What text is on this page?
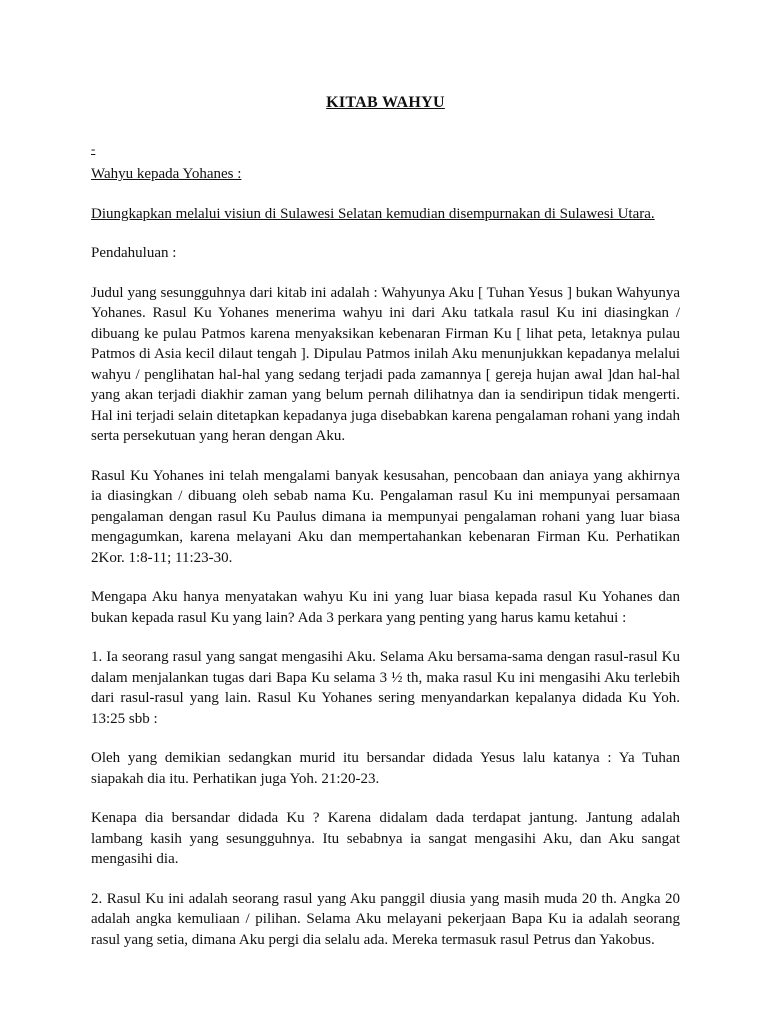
KITAB WAHYU
-

Wahyu kepada Yohanes :

Diungkapkan melalui visiun di Sulawesi Selatan kemudian disempurnakan di Sulawesi Utara.

Pendahuluan :

Judul yang sesungguhnya dari kitab ini adalah : Wahyunya Aku [ Tuhan Yesus ] bukan Wahyunya Yohanes. Rasul Ku Yohanes menerima wahyu ini dari Aku tatkala rasul Ku ini diasingkan / dibuang ke pulau Patmos karena menyaksikan kebenaran Firman Ku [ lihat peta, letaknya pulau Patmos di Asia kecil dilaut tengah ]. Dipulau Patmos inilah Aku menunjukkan kepadanya melalui wahyu / penglihatan hal-hal yang sedang terjadi pada zamannya [ gereja hujan awal ]dan hal-hal yang akan terjadi diakhir zaman yang belum pernah dilihatnya dan ia sendiripun tidak mengerti. Hal ini terjadi selain ditetapkan kepadanya juga disebabkan karena pengalaman rohani yang indah serta persekutuan yang heran dengan Aku.

Rasul Ku Yohanes ini telah mengalami banyak kesusahan, pencobaan dan aniaya yang akhirnya ia diasingkan / dibuang oleh sebab nama Ku. Pengalaman rasul Ku ini mempunyai persamaan pengalaman dengan rasul Ku Paulus dimana ia mempunyai pengalaman rohani yang luar biasa mengagumkan, karena melayani Aku dan mempertahankan kebenaran Firman Ku. Perhatikan 2Kor. 1:8-11; 11:23-30.

Mengapa Aku hanya menyatakan wahyu Ku ini yang luar biasa kepada rasul Ku Yohanes dan bukan kepada rasul Ku yang lain? Ada 3 perkara yang penting yang harus kamu ketahui :

1. Ia seorang rasul yang sangat mengasihi Aku. Selama Aku bersama-sama dengan rasul-rasul Ku dalam menjalankan tugas dari Bapa Ku selama 3 ½ th, maka rasul Ku ini mengasihi Aku terlebih dari rasul-rasul yang lain. Rasul Ku Yohanes sering menyandarkan kepalanya didada Ku Yoh. 13:25 sbb :

Oleh yang demikian sedangkan murid itu bersandar didada Yesus lalu katanya : Ya Tuhan siapakah dia itu. Perhatikan juga Yoh. 21:20-23.

Kenapa dia bersandar didada Ku ? Karena didalam dada terdapat jantung. Jantung adalah lambang kasih yang sesungguhnya. Itu sebabnya ia sangat mengasihi Aku, dan Aku sangat mengasihi dia.

2. Rasul Ku ini adalah seorang rasul yang Aku panggil diusia yang masih muda 20 th. Angka 20 adalah angka kemuliaan / pilihan. Selama Aku melayani pekerjaan Bapa Ku ia adalah seorang rasul yang setia, dimana Aku pergi dia selalu ada. Mereka termasuk rasul Petrus dan Yakobus.
